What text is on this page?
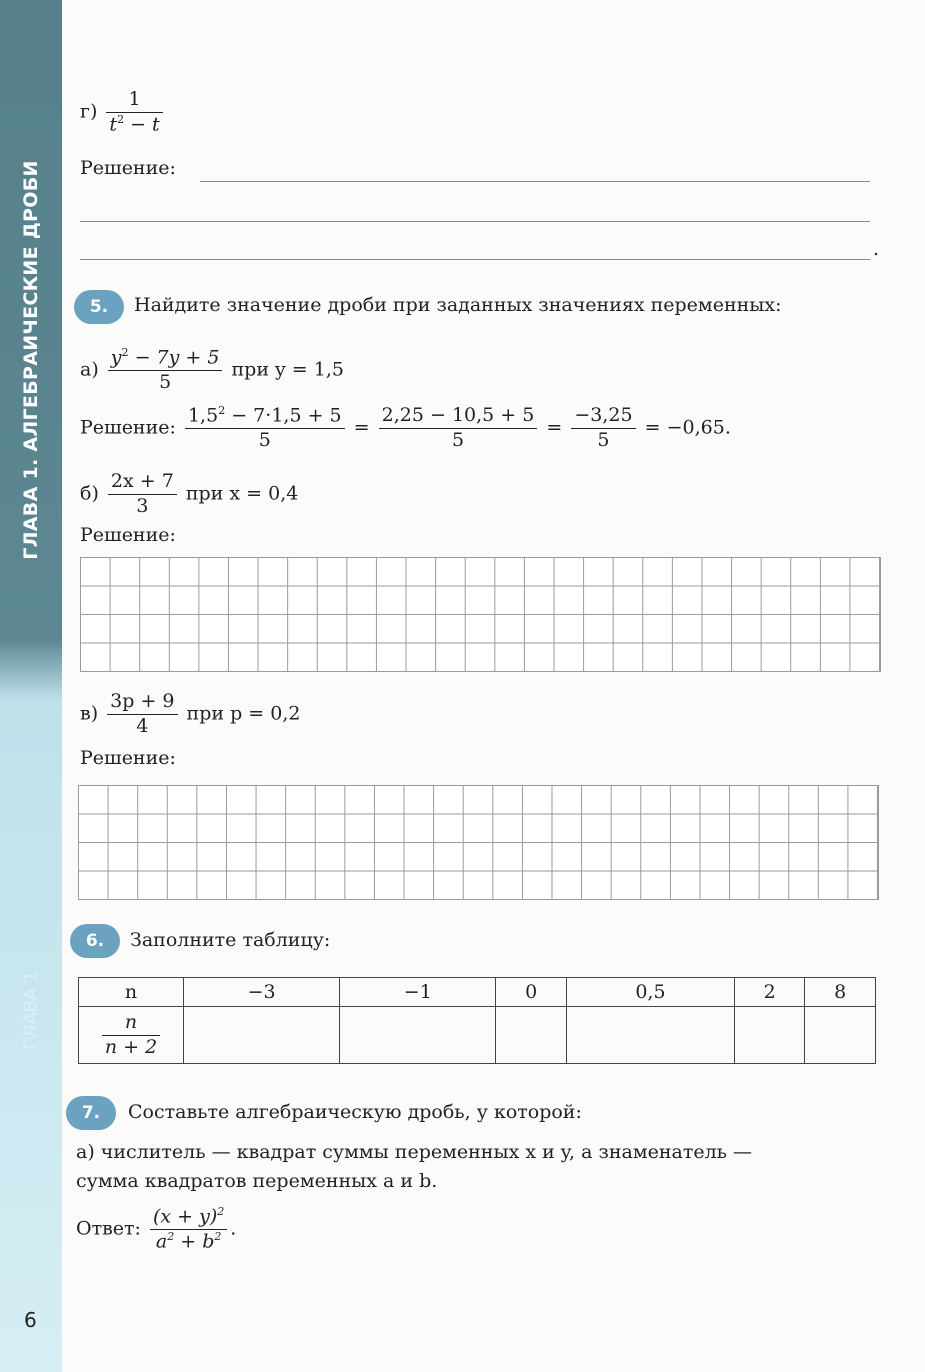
ГЛАВА 1. АЛГЕБРАИЧЕСКИЕ ДРОБИ
ГЛАВА 1
6
$г) \frac{1}{t^2 - t}$
Решение:
.
5.	Найдите значение дроби при заданных значениях переменных:
$а) \frac{y^2 - 7y + 5}{5}$ при y = 1,5
Решение: $\frac{1,5^2 - 7\cdot 1,5 + 5}{5} = \frac{2,25 - 10,5 + 5}{5} = \frac{-3,25}{5} = -0,65$.
$б) \frac{2x + 7}{3}$ при x = 0,4
Решение:
$в) \frac{3p + 9}{4}$ при p = 0,2
Решение:
6.	Заполните таблицу:
n	−3	−1	0	0,5	2	8

$\frac{n}{n + 2}$

7.	Составьте алгебраическую дробь, у которой:
а) числитель — квадрат суммы переменных x и y, а знаменатель —
сумма квадратов переменных a и b.
Ответ: $\frac{(x + y)^2}{a^2 + b^2}$ .
